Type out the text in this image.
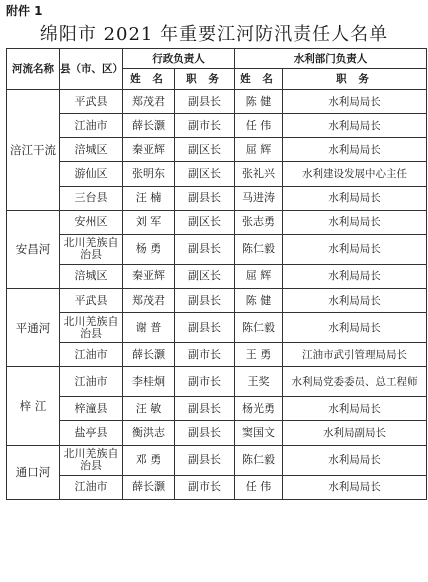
附件 1
绵阳市 2021 年重要江河防汛责任人名单
河流名称	县（市、区）	行政负责人		水利部门负责人	
		姓 名	职 务	姓 名	职 务
涪江干流	平武县	郑茂君	副县长	陈 健	水利局局长
	江油市	薛长灏	副市长	任 伟	水利局局长
	涪城区	秦亚辉	副区长	屈 辉	水利局局长
	游仙区	张明东	副区长	张礼兴	水利建设发展中心主任
	三台县	汪 楠	副县长	马进涛	水利局局长
安昌河	安州区	刘 军	副区长	张志勇	水利局局长
	北川羌族自治县	杨 勇	副县长	陈仁毅	水利局局长
	涪城区	秦亚辉	副区长	屈 辉	水利局局长
平通河	平武县	郑茂君	副县长	陈 健	水利局局长
	北川羌族自治县	谢 普	副县长	陈仁毅	水利局局长
	江油市	薛长灏	副市长	王 勇	江油市武引管理局局长
梓 江	江油市	李桂炯	副市长	王奖	水利局党委委员、总工程师
	梓潼县	汪 敏	副县长	杨光勇	水利局局长
	盐亭县	衡洪志	副县长	窦国文	水利局副局长
通口河	北川羌族自治县	邓 勇	副县长	陈仁毅	水利局局长
	江油市	薛长灏	副市长	任 伟	水利局局长
